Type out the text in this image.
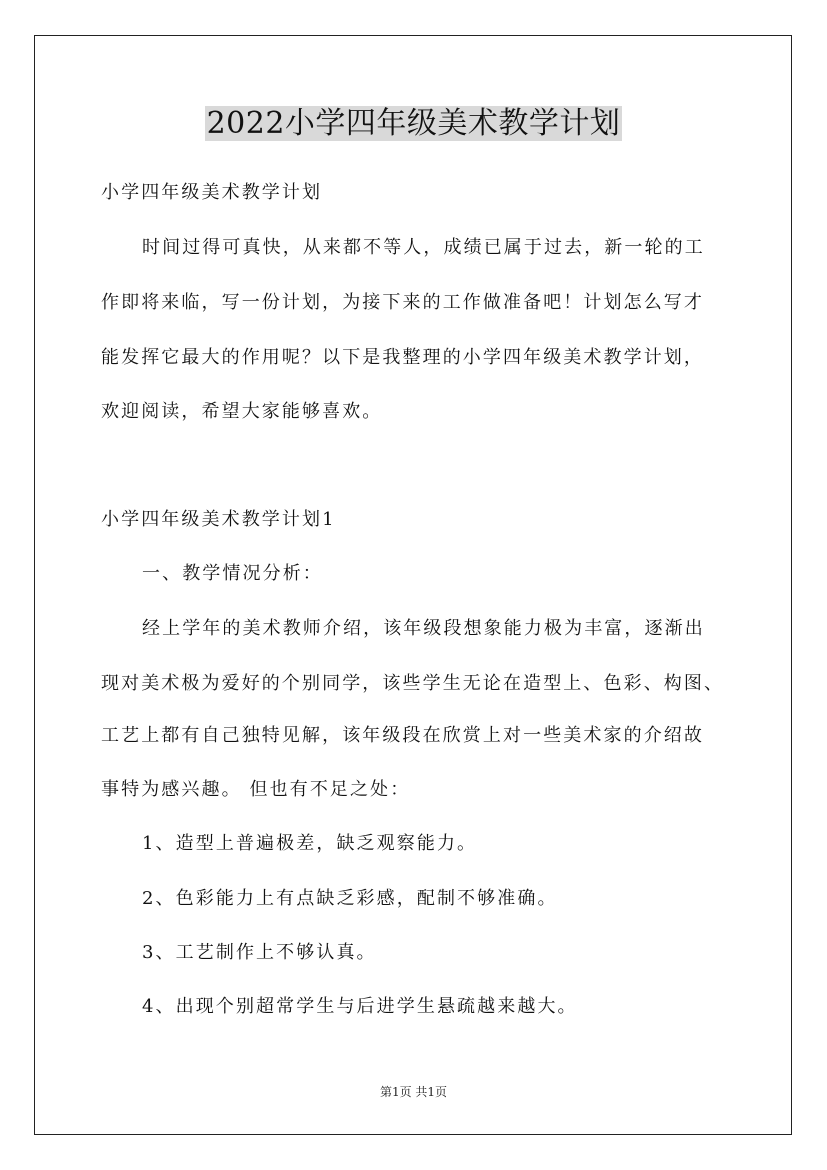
2022小学四年级美术教学计划

小学四年级美术教学计划

时间过得可真快，从来都不等人，成绩已属于过去，新一轮的工

作即将来临，写一份计划，为接下来的工作做准备吧！计划怎么写才

能发挥它最大的作用呢？以下是我整理的小学四年级美术教学计划，

欢迎阅读，希望大家能够喜欢。

小学四年级美术教学计划1

一、教学情况分析：

经上学年的美术教师介绍，该年级段想象能力极为丰富，逐渐出

现对美术极为爱好的个别同学，该些学生无论在造型上、色彩、构图、

工艺上都有自己独特见解，该年级段在欣赏上对一些美术家的介绍故

事特为感兴趣。 但也有不足之处：

1、造型上普遍极差，缺乏观察能力。

2、色彩能力上有点缺乏彩感，配制不够准确。

3、工艺制作上不够认真。

4、出现个别超常学生与后进学生悬疏越来越大。

第1页 共1页
